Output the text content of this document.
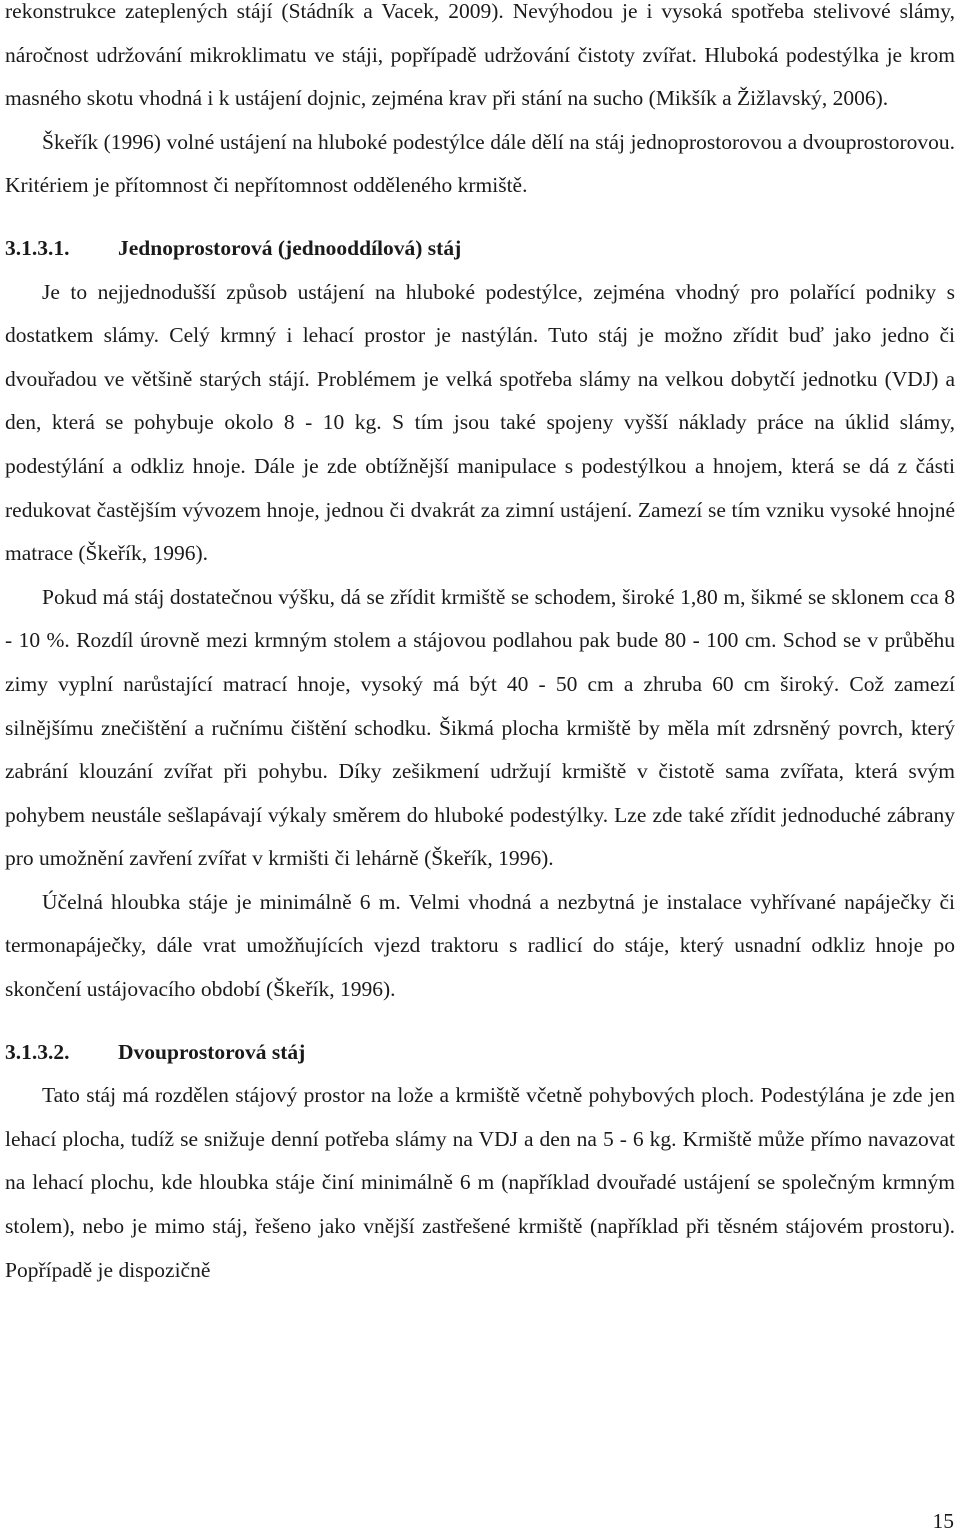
rekonstrukce zateplených stájí (Stádník a Vacek, 2009). Nevýhodou je i vysoká spotřeba stelivové slámy, náročnost udržování mikroklimatu ve stáji, popřípadě udržování čistoty zvířat. Hluboká podestýlka je krom masného skotu vhodná i k ustájení dojnic, zejména krav při stání na sucho (Mikšík a Žižlavský, 2006).

Škeřík (1996) volné ustájení na hluboké podestýlce dále dělí na stáj jednoprostorovou a dvouprostorovou. Kritériem je přítomnost či nepřítomnost odděleného krmiště.

3.1.3.1. Jednoprostorová (jednooddílová) stáj

Je to nejjednodušší způsob ustájení na hluboké podestýlce, zejména vhodný pro polařící podniky s dostatkem slámy. Celý krmný i lehací prostor je nastýlán. Tuto stáj je možno zřídit buď jako jedno či dvouřadou ve většině starých stájí. Problémem je velká spotřeba slámy na velkou dobytčí jednotku (VDJ) a den, která se pohybuje okolo 8 - 10 kg. S tím jsou také spojeny vyšší náklady práce na úklid slámy, podestýlání a odkliz hnoje. Dále je zde obtížnější manipulace s podestýlkou a hnojem, která se dá z části redukovat častějším vývozem hnoje, jednou či dvakrát za zimní ustájení. Zamezí se tím vzniku vysoké hnojné matrace (Škeřík, 1996).

Pokud má stáj dostatečnou výšku, dá se zřídit krmiště se schodem, široké 1,80 m, šikmé se sklonem cca 8 - 10 %. Rozdíl úrovně mezi krmným stolem a stájovou podlahou pak bude 80 - 100 cm. Schod se v průběhu zimy vyplní narůstající matrací hnoje, vysoký má být 40 - 50 cm a zhruba 60 cm široký. Což zamezí silnějšímu znečištění a ručnímu čištění schodku. Šikmá plocha krmiště by měla mít zdrsněný povrch, který zabrání klouzání zvířat při pohybu. Díky zešikmení udržují krmiště v čistotě sama zvířata, která svým pohybem neustále sešlapávají výkaly směrem do hluboké podestýlky. Lze zde také zřídit jednoduché zábrany pro umožnění zavření zvířat v krmišti či lehárně (Škeřík, 1996).

Účelná hloubka stáje je minimálně 6 m. Velmi vhodná a nezbytná je instalace vyhřívané napáječky či termonapáječky, dále vrat umožňujících vjezd traktoru s radlicí do stáje, který usnadní odkliz hnoje po skončení ustájovacího období (Škeřík, 1996).

3.1.3.2. Dvouprostorová stáj

Tato stáj má rozdělen stájový prostor na lože a krmiště včetně pohybových ploch. Podestýlána je zde jen lehací plocha, tudíž se snižuje denní potřeba slámy na VDJ a den na 5 - 6 kg. Krmiště může přímo navazovat na lehací plochu, kde hloubka stáje činí minimálně 6 m (například dvouřadé ustájení se společným krmným stolem), nebo je mimo stáj, řešeno jako vnější zastřešené krmiště (například při těsném stájovém prostoru). Popřípadě je dispozičně

15
